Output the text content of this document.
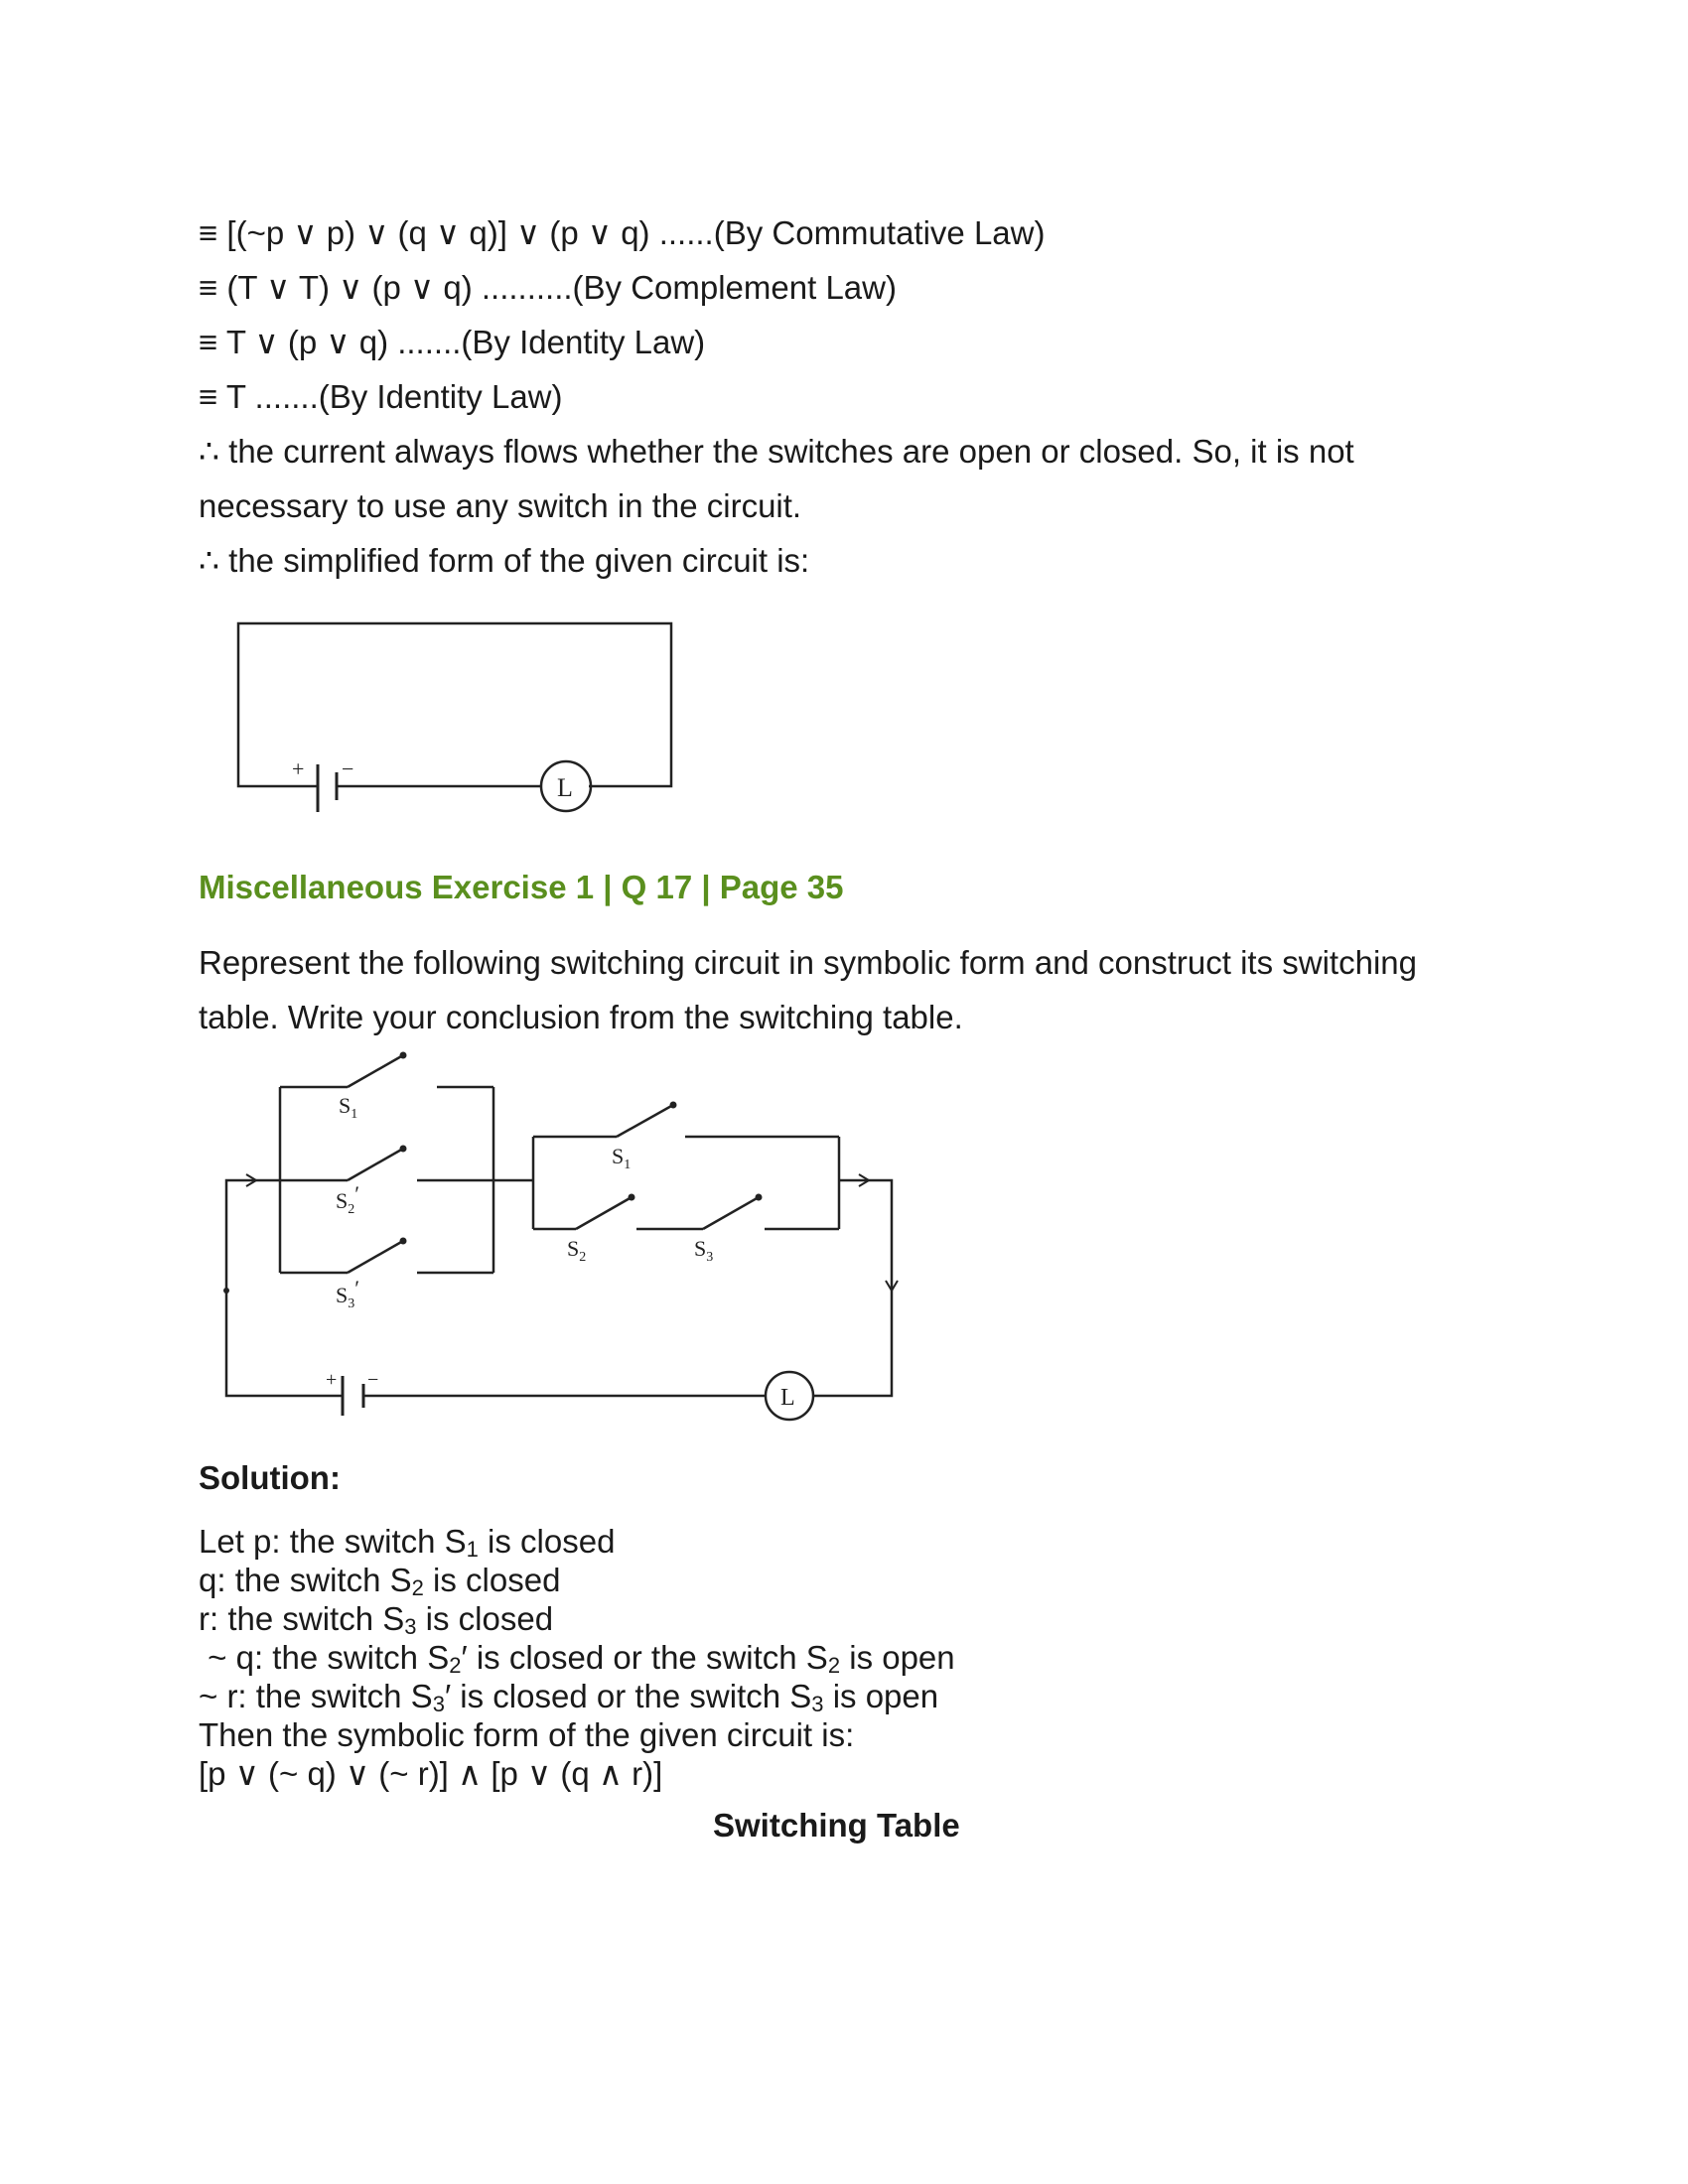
≡ [(~p ∨ p) ∨ (q ∨ q)] ∨ (p ∨ q) ......(By Commutative Law)
≡ (T ∨ T) ∨ (p ∨ q) ..........(By Complement Law)
≡ T ∨ (p ∨ q) .......(By Identity Law)
≡ T .......(By Identity Law)
∴ the current always flows whether the switches are open or closed. So, it is not
necessary to use any switch in the circuit.
∴ the simplified form of the given circuit is:
+ −
L
Miscellaneous Exercise 1 | Q 17 | Page 35
Represent the following switching circuit in symbolic form and construct its switching
table. Write your conclusion from the switching table.
$S_1$
$S_2'$
$S_3'$
$S_1$
$S_2$	$S_3$
+ −
L
Solution:
Let p: the switch $S_1$ is closed
q: the switch $S_2$ is closed
r: the switch $S_3$ is closed
~ q: the switch $S_2'$ is closed or the switch $S_2$ is open
~ r: the switch $S_3'$ is closed or the switch $S_3$ is open
Then the symbolic form of the given circuit is:
[p ∨ (~ q) ∨ (~ r)] ∧ [p ∨ (q ∧ r)]
Switching Table
